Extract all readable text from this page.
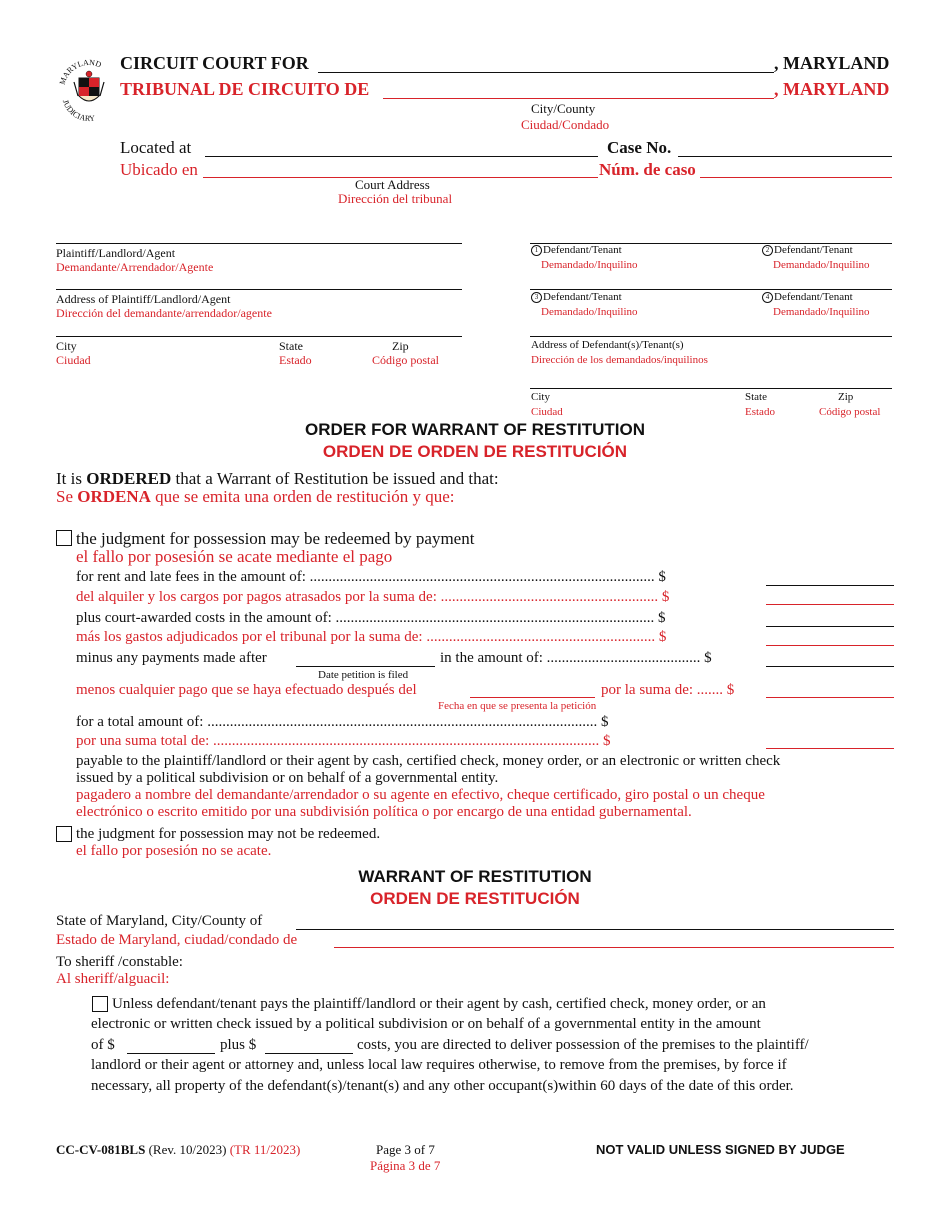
MARYLAND
JUDICIARY
CIRCUIT COURT FOR	, MARYLAND
TRIBUNAL DE CIRCUITO DE	, MARYLAND
City/County
Ciudad/Condado
Located at	Case No.
Ubicado en	Núm. de caso
Court Address
Dirección del tribunal
Plaintiff/Landlord/Agent
Demandante/Arrendador/Agente
Address of Plaintiff/Landlord/Agent
Dirección del demandante/arrendador/agente
City
Ciudad
State
Estado
Zip
Código postal
1 Defendant/Tenant
Demandado/Inquilino
2 Defendant/Tenant
Demandado/Inquilino
3 Defendant/Tenant
Demandado/Inquilino
4 Defendant/Tenant
Demandado/Inquilino
Address of Defendant(s)/Tenant(s)
Dirección de los demandados/inquilinos
City
Ciudad
State
Estado
Zip
Código postal
ORDER FOR WARRANT OF RESTITUTION
ORDEN DE ORDEN DE RESTITUCIÓN
It is ORDERED that a Warrant of Restitution be issued and that:
Se ORDENA que se emita una orden de restitución y que:
the judgment for possession may be redeemed by payment
el fallo por posesión se acate mediante el pago
for rent and late fees in the amount of: ............................................................................................ $
del alquiler y los cargos por pagos atrasados por la suma de: .......................................................... $
plus court-awarded costs in the amount of: ..................................................................................... $
más los gastos adjudicados por el tribunal por la suma de: ............................................................. $
minus any payments made after	in the amount of: ......................................... $
Date petition is filed
menos cualquier pago que se haya efectuado después del	por la suma de: ....... $
Fecha en que se presenta la petición
for a total amount of: ........................................................................................................ $
por una suma total de: ....................................................................................................... $
payable to the plaintiff/landlord or their agent by cash, certified check, money order, or an electronic or written check
issued by a political subdivision or on behalf of a governmental entity.
pagadero a nombre del demandante/arrendador o su agente en efectivo, cheque certificado, giro postal o un cheque
electrónico o escrito emitido por una subdivisión política o por encargo de una entidad gubernamental.
the judgment for possession may not be redeemed.
el fallo por posesión no se acate.
WARRANT OF RESTITUTION
ORDEN DE RESTITUCIÓN
State of Maryland, City/County of
Estado de Maryland, ciudad/condado de
To sheriff /constable:
Al sheriff/alguacil:
Unless defendant/tenant pays the plaintiff/landlord or their agent by cash, certified check, money order, or an
electronic or written check issued by a political subdivision or on behalf of a governmental entity in the amount
of $	plus $	costs, you are directed to deliver possession of the premises to the plaintiff/
landlord or their agent or attorney and, unless local law requires otherwise, to remove from the premises, by force if
necessary, all property of the defendant(s)/tenant(s) and any other occupant(s)within 60 days of the date of this order.
CC-CV-081BLS (Rev. 10/2023) (TR 11/2023)	Page 3 of 7
Página 3 de 7
NOT VALID UNLESS SIGNED BY JUDGE
